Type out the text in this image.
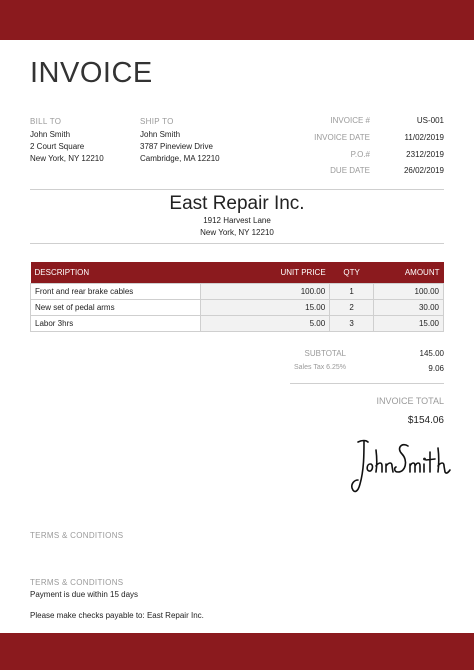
INVOICE
BILL TO
John Smith
2 Court Square
New York, NY 12210
SHIP TO
John Smith
3787 Pineview Drive
Cambridge, MA 12210
INVOICE #	US-001
INVOICE DATE	11/02/2019
P.O.#	2312/2019
DUE DATE	26/02/2019
East Repair Inc.
1912 Harvest Lane
New York, NY 12210
DESCRIPTION	UNIT PRICE	QTY	AMOUNT
Front and rear brake cables	100.00	1	100.00
New set of pedal arms	15.00	2	30.00
Labor 3hrs	5.00	3	15.00
SUBTOTAL	145.00
Sales Tax 6.25%	9.06
INVOICE TOTAL
$154.06
TERMS & CONDITIONS
TERMS & CONDITIONS
Payment is due within 15 days
Please make checks payable to: East Repair Inc.
